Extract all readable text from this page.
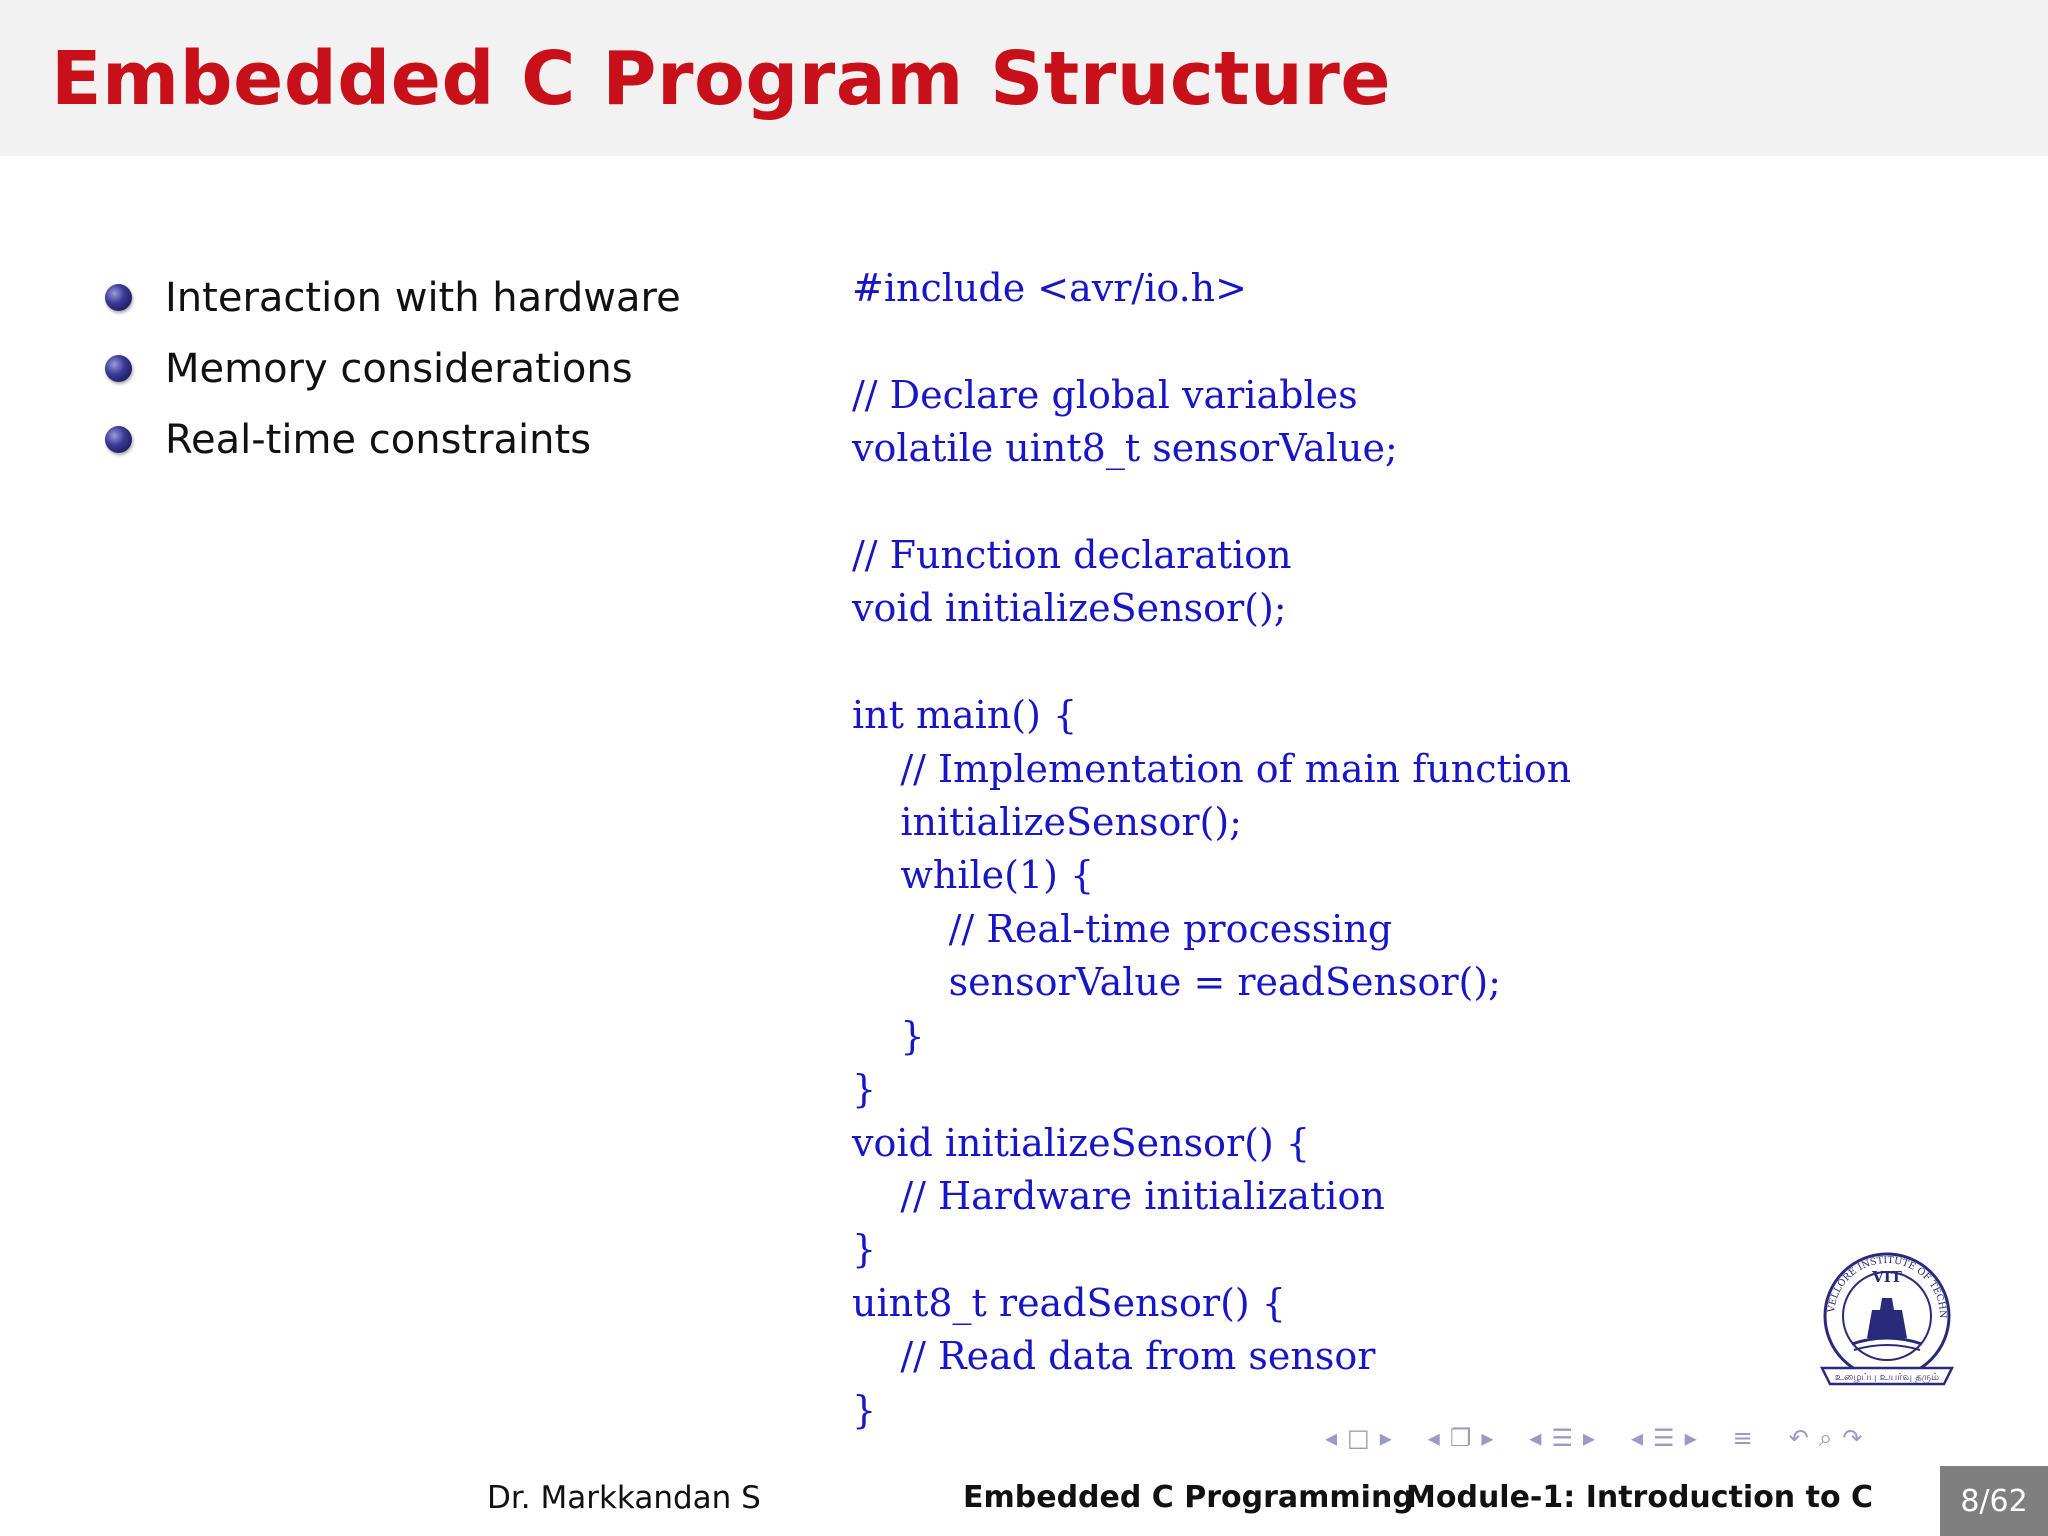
Embedded C Program Structure
Interaction with hardware
Memory considerations
Real-time constraints
#include <avr/io.h>

// Declare global variables
volatile uint8_t sensorValue;

// Function declaration
void initializeSensor();

int main() {
// Implementation of main function
initializeSensor();
while(1) {
// Real-time processing
sensorValue = readSensor();
}
}
void initializeSensor() {
// Hardware initialization
}
uint8_t readSensor() {
// Read data from sensor
}
VIT
உழைப்பு உயர்வு தரும்
VELLORE INSTITUTE OF TECHN
◂ □ ▸ ◂ ❐ ▸ ◂ ☰ ▸ ◂ ☰ ▸ ≡ ↶ ⌕ ↷
Dr. Markkandan S	Embedded C Programming
Module-1: Introduction to C	8/62
